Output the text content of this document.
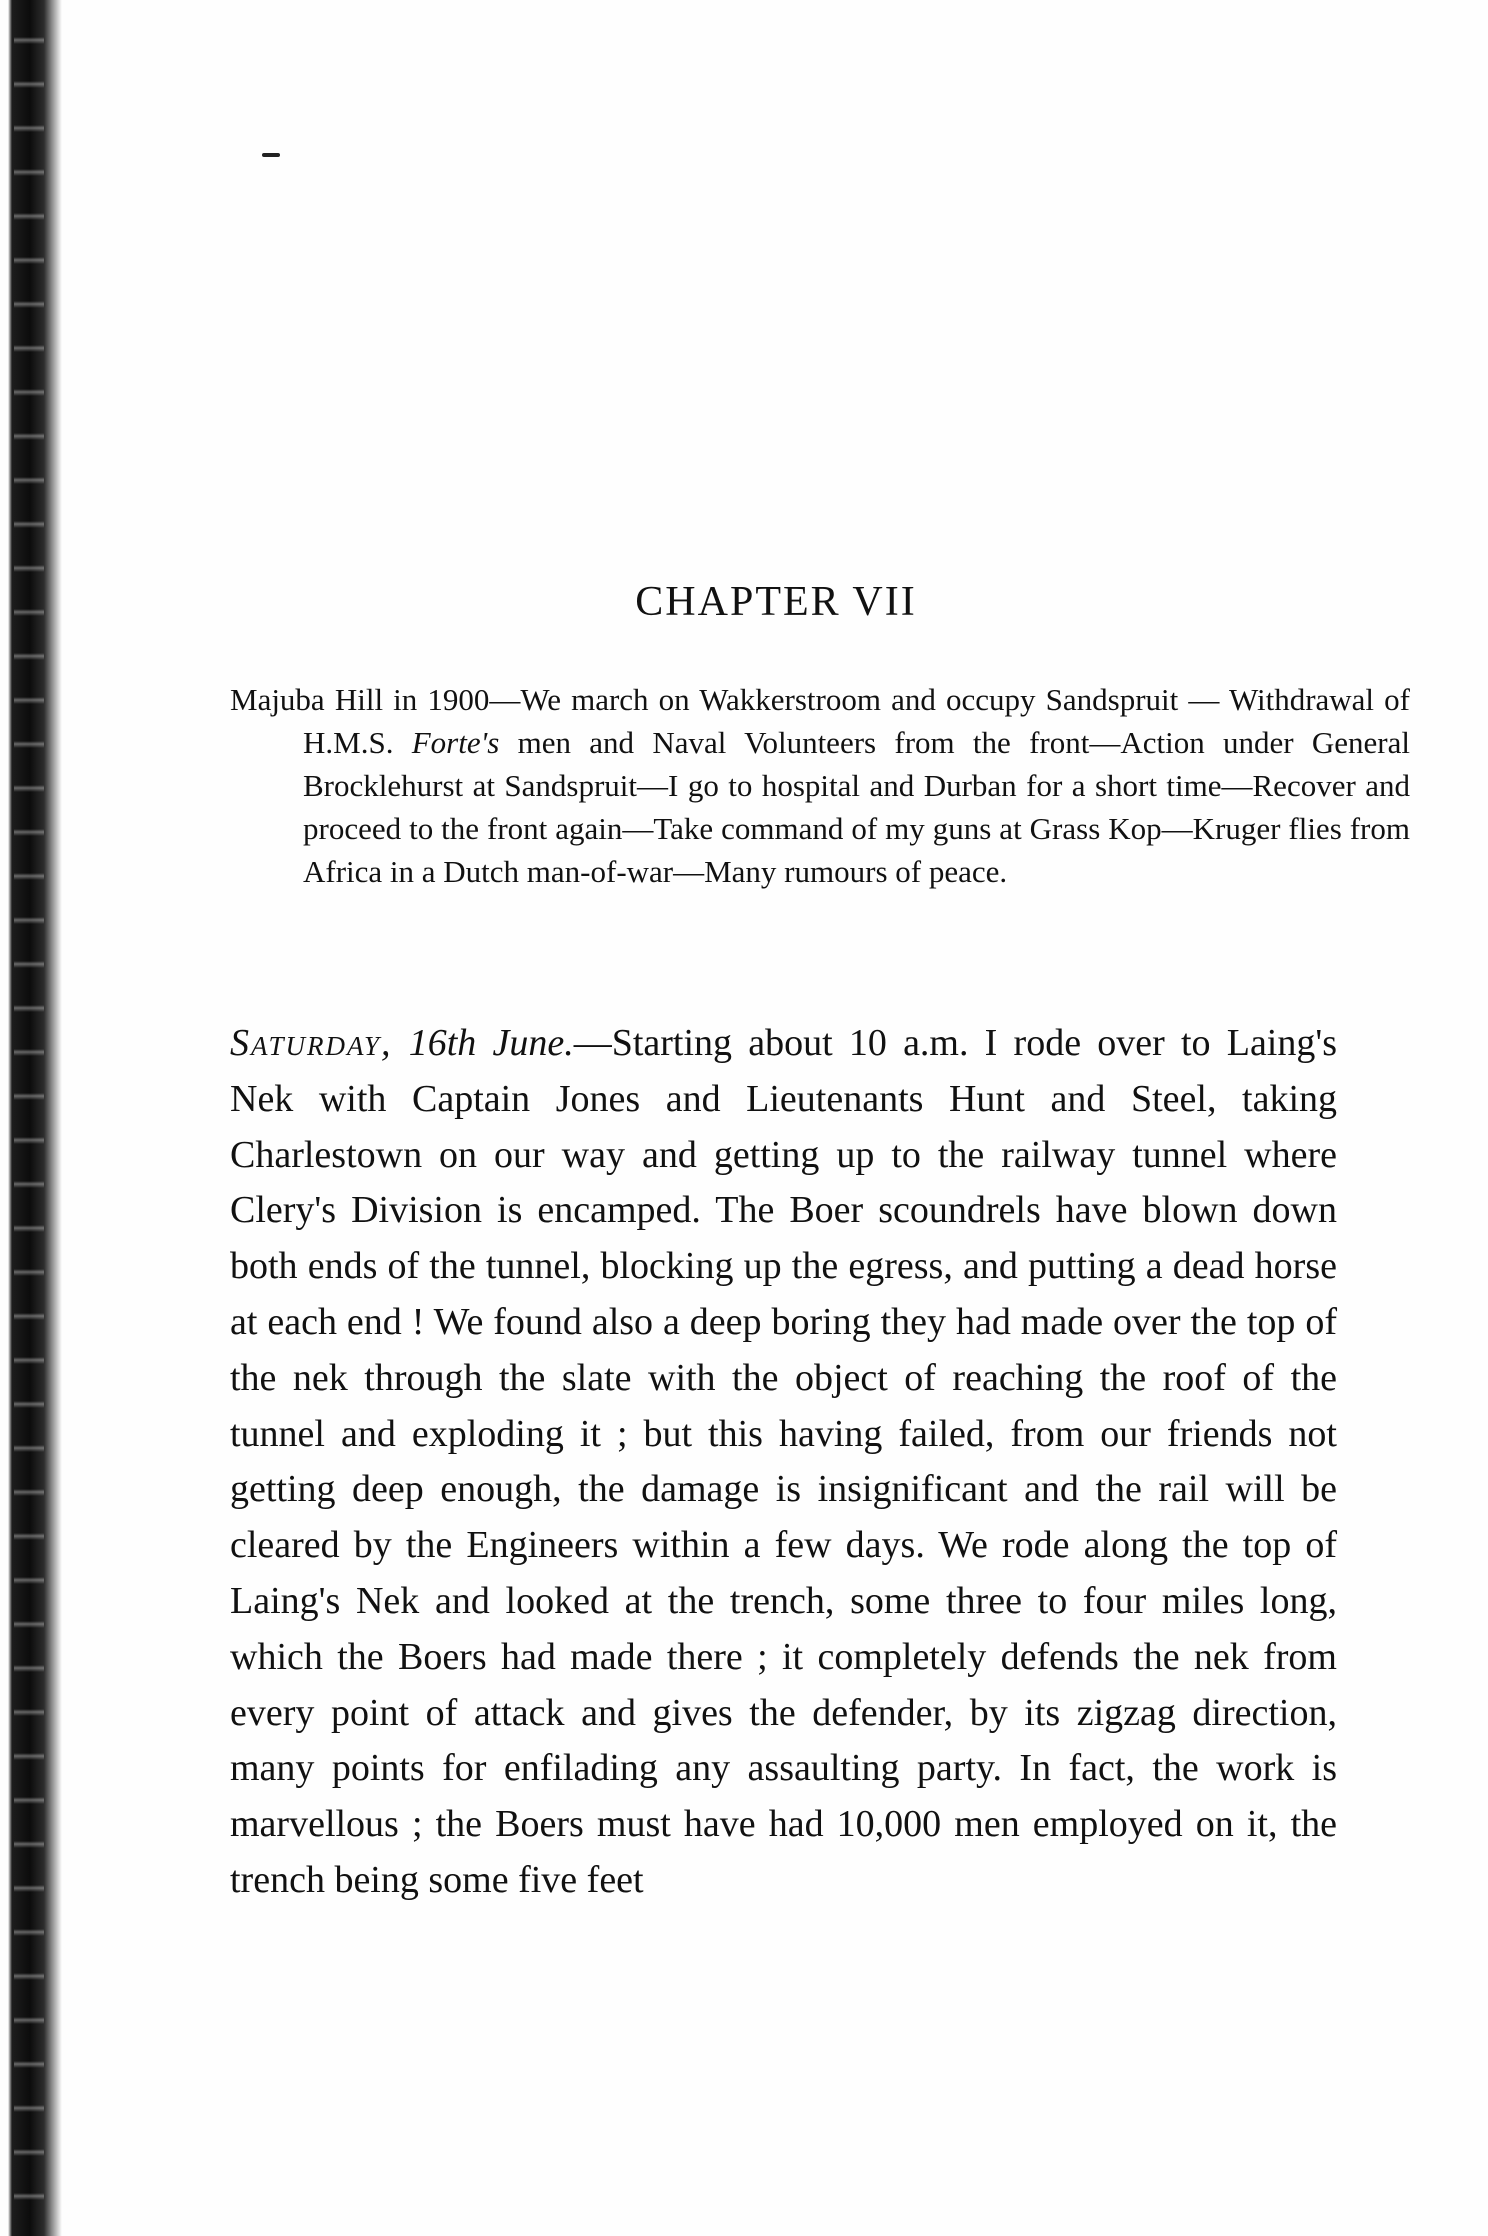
CHAPTER VII
Majuba Hill in 1900—We march on Wakkerstroom and occupy Sandspruit — Withdrawal of H.M.S. Forte's men and Naval Volunteers from the front—Action under General Brocklehurst at Sandspruit—I go to hospital and Durban for a short time—Recover and proceed to the front again—Take command of my guns at Grass Kop—Kruger flies from Africa in a Dutch man-of-war—Many rumours of peace.
Saturday, 16th June.—Starting about 10 a.m. I rode over to Laing's Nek with Captain Jones and Lieutenants Hunt and Steel, taking Charlestown on our way and getting up to the railway tunnel where Clery's Division is encamped. The Boer scoundrels have blown down both ends of the tunnel, blocking up the egress, and putting a dead horse at each end ! We found also a deep boring they had made over the top of the nek through the slate with the object of reaching the roof of the tunnel and exploding it ; but this having failed, from our friends not getting deep enough, the damage is insignificant and the rail will be cleared by the Engineers within a few days. We rode along the top of Laing's Nek and looked at the trench, some three to four miles long, which the Boers had made there ; it completely defends the nek from every point of attack and gives the defender, by its zigzag direction, many points for enfilading any assaulting party. In fact, the work is marvellous ; the Boers must have had 10,000 men employed on it, the trench being some five feet
